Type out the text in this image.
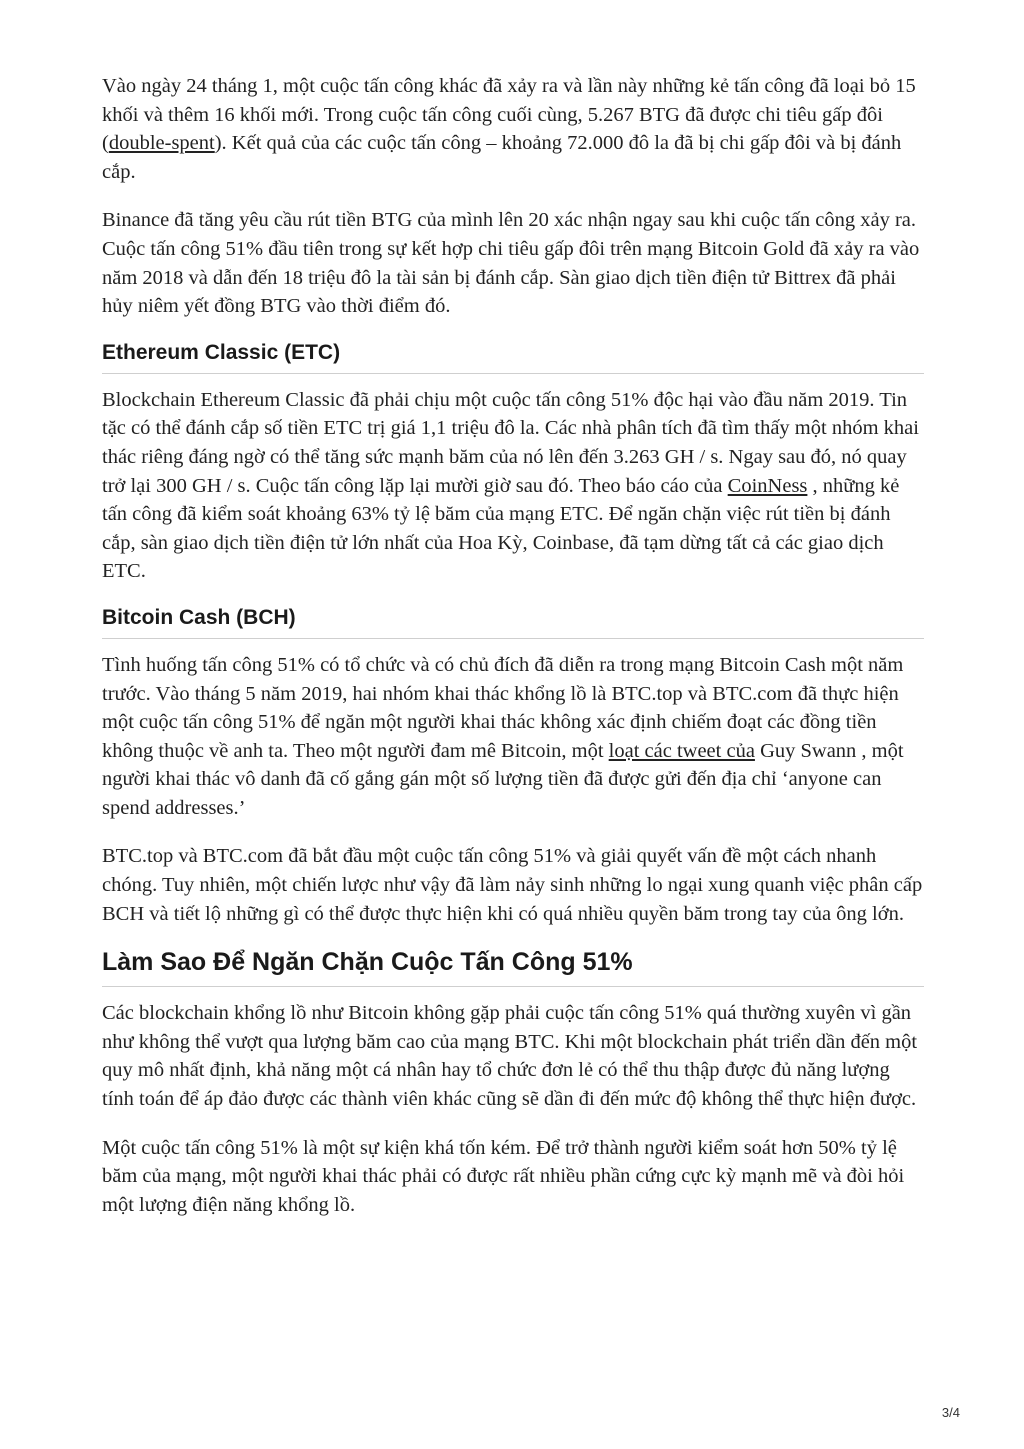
Vào ngày 24 tháng 1, một cuộc tấn công khác đã xảy ra và lần này những kẻ tấn công đã loại bỏ 15 khối và thêm 16 khối mới. Trong cuộc tấn công cuối cùng, 5.267 BTG đã được chi tiêu gấp đôi (double-spent). Kết quả của các cuộc tấn công – khoảng 72.000 đô la đã bị chi gấp đôi và bị đánh cắp.

Binance đã tăng yêu cầu rút tiền BTG của mình lên 20 xác nhận ngay sau khi cuộc tấn công xảy ra. Cuộc tấn công 51% đầu tiên trong sự kết hợp chi tiêu gấp đôi trên mạng Bitcoin Gold đã xảy ra vào năm 2018 và dẫn đến 18 triệu đô la tài sản bị đánh cắp. Sàn giao dịch tiền điện tử Bittrex đã phải hủy niêm yết đồng BTG vào thời điểm đó.

Ethereum Classic (ETC)

Blockchain Ethereum Classic đã phải chịu một cuộc tấn công 51% độc hại vào đầu năm 2019. Tin tặc có thể đánh cắp số tiền ETC trị giá 1,1 triệu đô la. Các nhà phân tích đã tìm thấy một nhóm khai thác riêng đáng ngờ có thể tăng sức mạnh băm của nó lên đến 3.263 GH / s. Ngay sau đó, nó quay trở lại 300 GH / s. Cuộc tấn công lặp lại mười giờ sau đó. Theo báo cáo của CoinNess , những kẻ tấn công đã kiểm soát khoảng 63% tỷ lệ băm của mạng ETC. Để ngăn chặn việc rút tiền bị đánh cắp, sàn giao dịch tiền điện tử lớn nhất của Hoa Kỳ, Coinbase, đã tạm dừng tất cả các giao dịch ETC.

Bitcoin Cash (BCH)

Tình huống tấn công 51% có tổ chức và có chủ đích đã diễn ra trong mạng Bitcoin Cash một năm trước. Vào tháng 5 năm 2019, hai nhóm khai thác khổng lồ là BTC.top và BTC.com đã thực hiện một cuộc tấn công 51% để ngăn một người khai thác không xác định chiếm đoạt các đồng tiền không thuộc về anh ta. Theo một người đam mê Bitcoin, một loạt các tweet của Guy Swann , một người khai thác vô danh đã cố gắng gán một số lượng tiền đã được gửi đến địa chỉ ‘anyone can spend addresses.’

BTC.top và BTC.com đã bắt đầu một cuộc tấn công 51% và giải quyết vấn đề một cách nhanh chóng. Tuy nhiên, một chiến lược như vậy đã làm nảy sinh những lo ngại xung quanh việc phân cấp BCH và tiết lộ những gì có thể được thực hiện khi có quá nhiều quyền băm trong tay của ông lớn.

Làm Sao Để Ngăn Chặn Cuộc Tấn Công 51%

Các blockchain khổng lồ như Bitcoin không gặp phải cuộc tấn công 51% quá thường xuyên vì gần như không thể vượt qua lượng băm cao của mạng BTC. Khi một blockchain phát triển dần đến một quy mô nhất định, khả năng một cá nhân hay tổ chức đơn lẻ có thể thu thập được đủ năng lượng tính toán để áp đảo được các thành viên khác cũng sẽ dần đi đến mức độ không thể thực hiện được.

Một cuộc tấn công 51% là một sự kiện khá tốn kém. Để trở thành người kiểm soát hơn 50% tỷ lệ băm của mạng, một người khai thác phải có được rất nhiều phần cứng cực kỳ mạnh mẽ và đòi hỏi một lượng điện năng khổng lồ.

3/4
